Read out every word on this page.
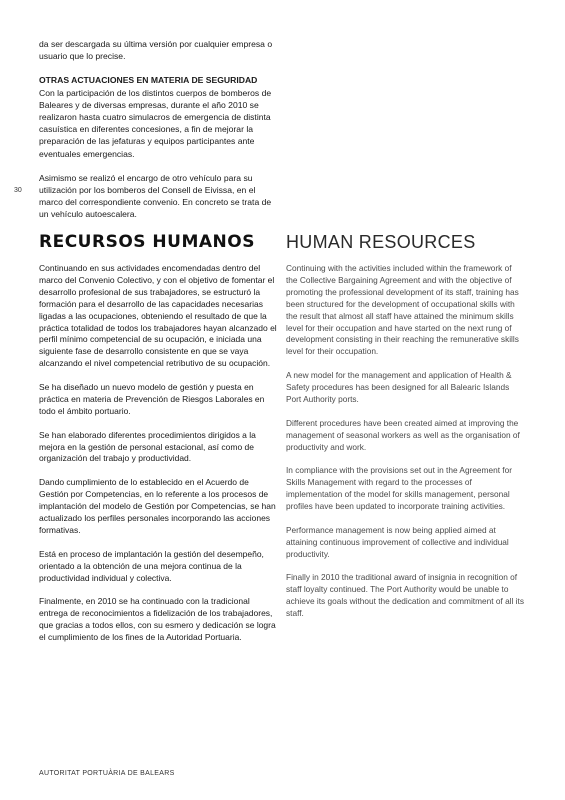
30

da ser descargada su última versión por cualquier empresa o usuario que lo precise.

OTRAS ACTUACIONES EN MATERIA DE SEGURIDAD

Con la participación de los distintos cuerpos de bomberos de Baleares y de diversas empresas, durante el año 2010 se realizaron hasta cuatro simulacros de emergencia de distinta casuística en diferentes concesiones, a fin de mejorar la preparación de las jefaturas y equipos participantes ante eventuales emergencias.

Asimismo se realizó el encargo de otro vehículo para su utilización por los bomberos del Consell de Eivissa, en el marco del correspondiente convenio. En concreto se trata de un vehículo autoescalera.

RECURSOS HUMANOS

Continuando en sus actividades encomendadas dentro del marco del Convenio Colectivo, y con el objetivo de fomentar el desarrollo profesional de sus trabajadores, se estructuró la formación para el desarrollo de las capacidades necesarias ligadas a las ocupaciones, obteniendo el resultado de que la práctica totalidad de todos los trabajadores hayan alcanzado el perfil mínimo competencial de su ocupación, e iniciada una siguiente fase de desarrollo consistente en que se vaya alcanzando el nivel competencial retributivo de su ocupación.

Se ha diseñado un nuevo modelo de gestión y puesta en práctica en materia de Prevención de Riesgos Laborales en todo el ámbito portuario.

Se han elaborado diferentes procedimientos dirigidos a la mejora en la gestión de personal estacional, así como de organización del trabajo y productividad.

Dando cumplimiento de lo establecido en el Acuerdo de Gestión por Competencias, en lo referente a los procesos de implantación del modelo de Gestión por Competencias, se han actualizado los perfiles personales incorporando las acciones formativas.

Está en proceso de implantación la gestión del desempeño, orientado a la obtención de una mejora continua de la productividad individual y colectiva.

Finalmente, en 2010 se ha continuado con la tradicional entrega de reconocimientos a fidelización de los trabajadores, que gracias a todos ellos, con su esmero y dedicación se logra el cumplimiento de los fines de la Autoridad Portuaria.

HUMAN RESOURCES

Continuing with the activities included within the framework of the Collective Bargaining Agreement and with the objective of promoting the professional development of its staff, training has been structured for the development of occupational skills with the result that almost all staff have attained the minimum skills level for their occupation and have started on the next rung of development consisting in their reaching the remunerative skills level for their occupation.

A new model for the management and application of Health & Safety procedures has been designed for all Balearic Islands Port Authority ports.

Different procedures have been created aimed at improving the management of seasonal workers as well as the organisation of productivity and work.

In compliance with the provisions set out in the Agreement for Skills Management with regard to the processes of implementation of the model for skills management, personal profiles have been updated to incorporate training activities.

Performance management is now being applied aimed at attaining continuous improvement of collective and individual productivity.

Finally in 2010 the traditional award of insignia in recognition of staff loyalty continued. The Port Authority would be unable to achieve its goals without the dedication and commitment of all its staff.

AUTORITAT PORTUÀRIA DE BALEARS
